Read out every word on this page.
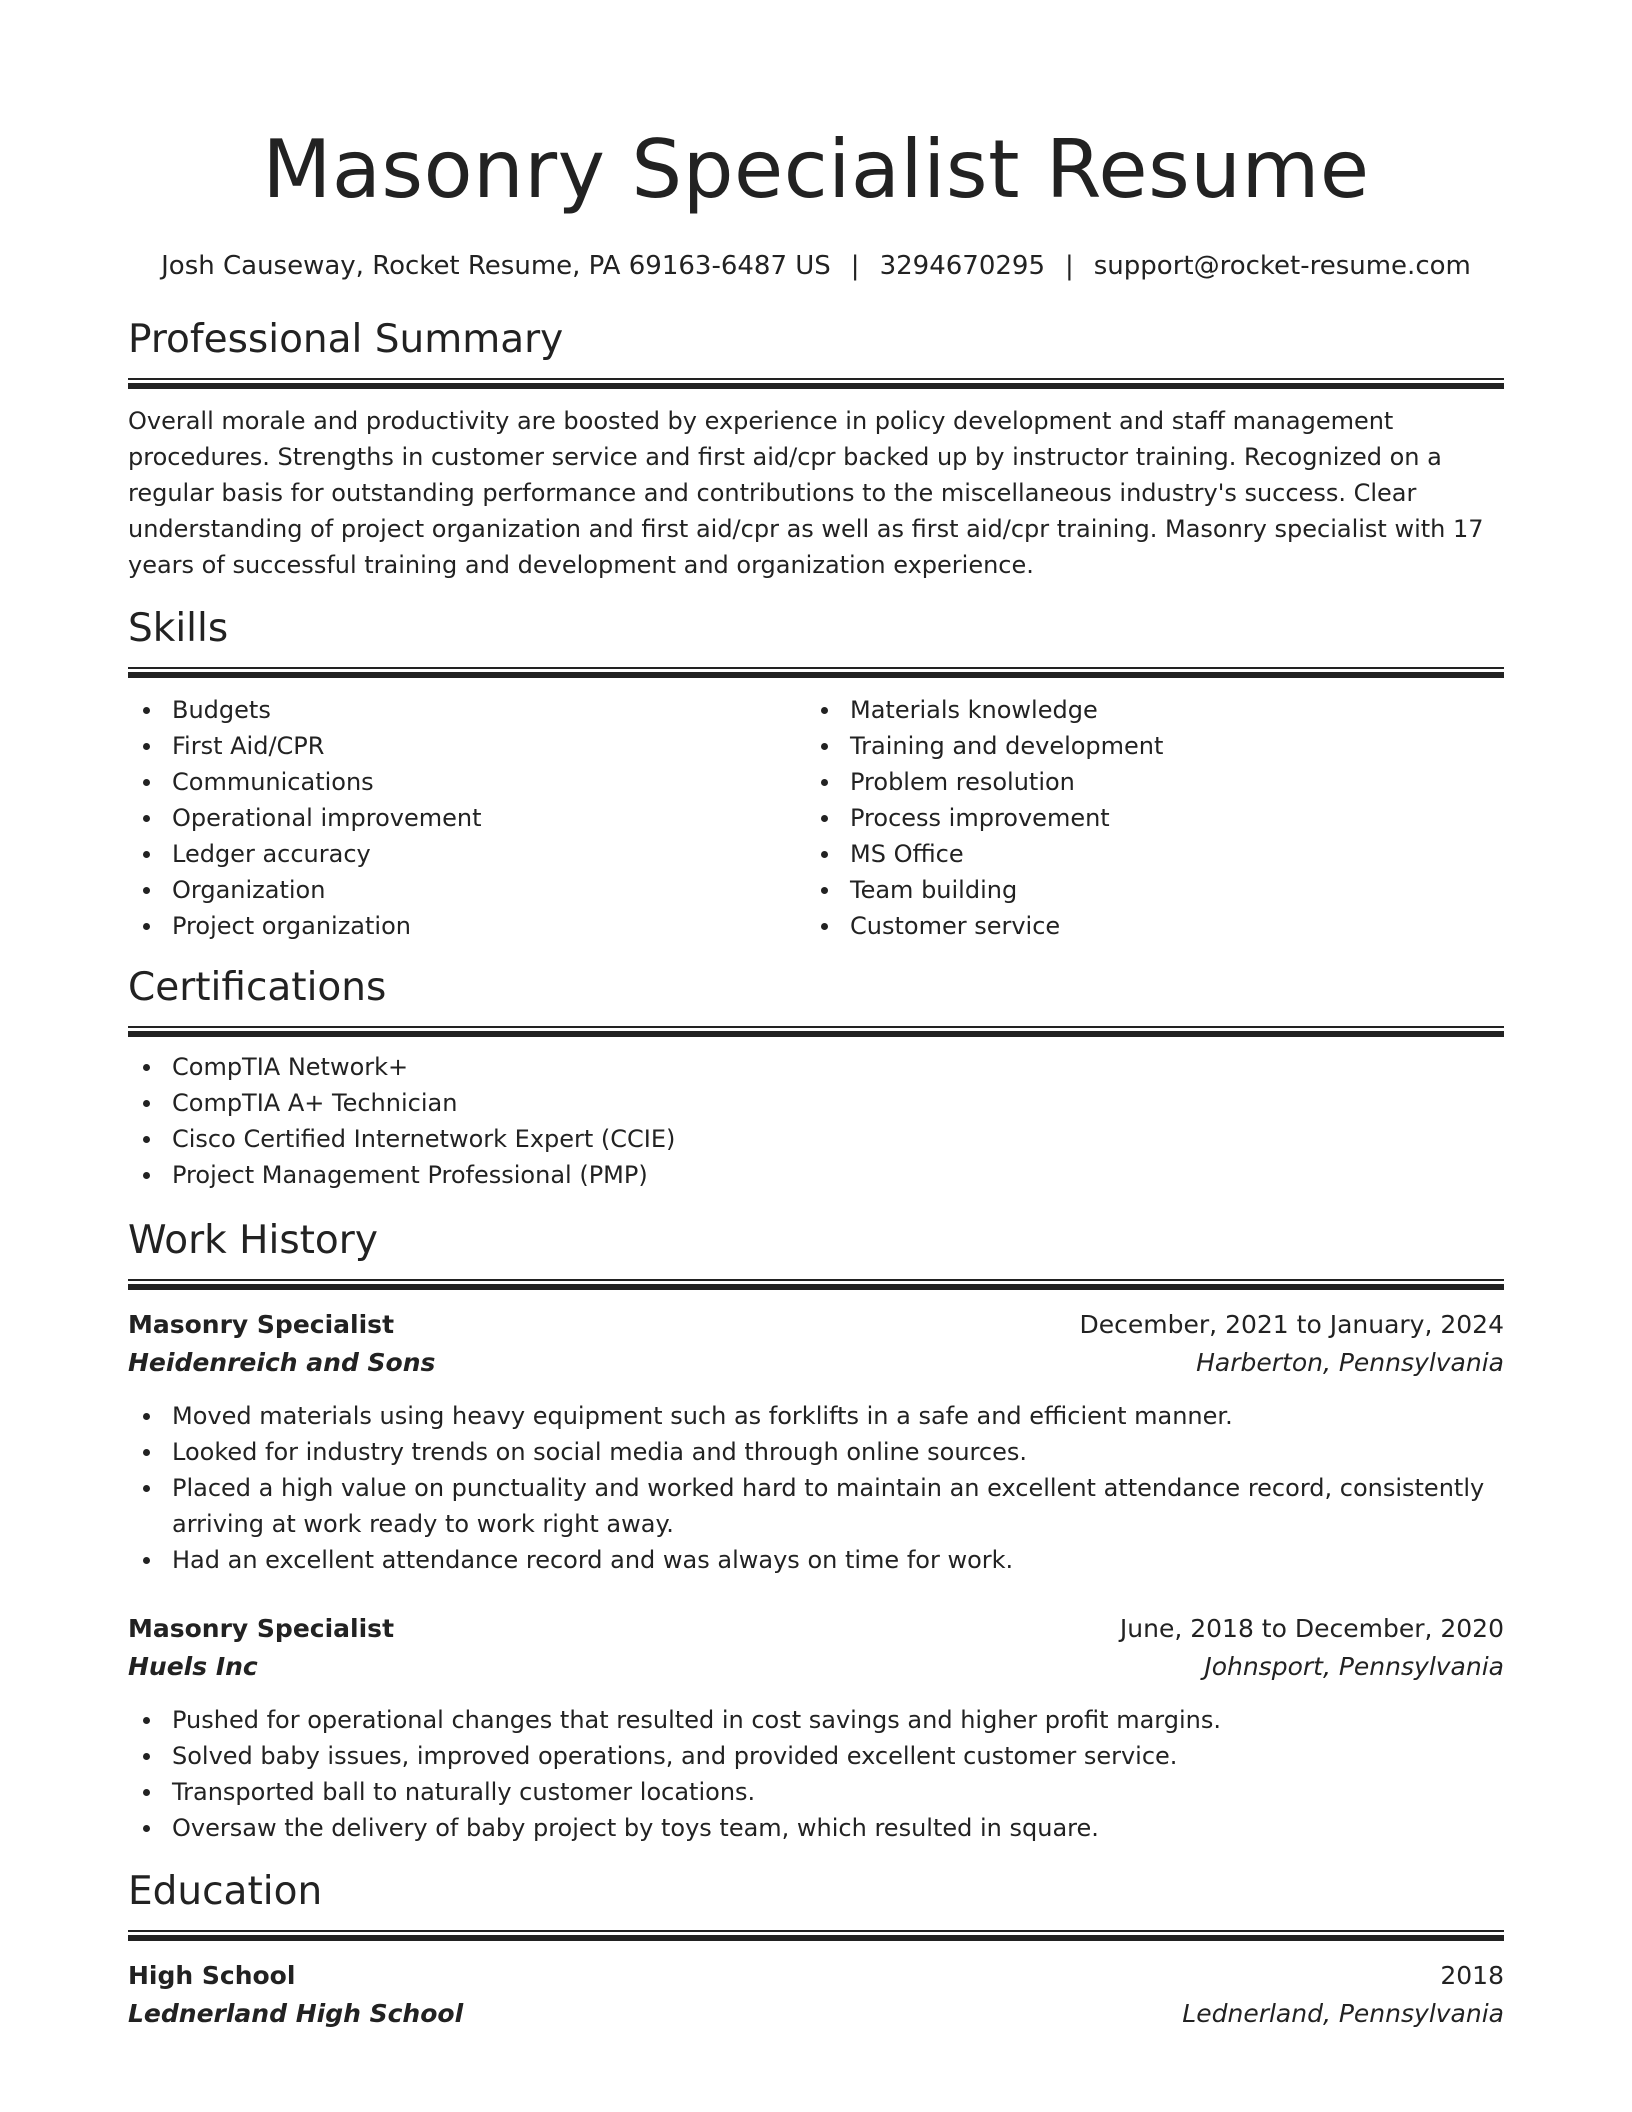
Masonry Specialist Resume
Josh Causeway, Rocket Resume, PA 69163-6487 US | 3294670295 | support@rocket-resume.com
Professional Summary

Overall morale and productivity are boosted by experience in policy development and staff management procedures. Strengths in customer service and first aid/cpr backed up by instructor training. Recognized on a regular basis for outstanding performance and contributions to the miscellaneous industry's success. Clear understanding of project organization and first aid/cpr as well as first aid/cpr training. Masonry specialist with 17 years of successful training and development and organization experience.

Skills
Budgets
First Aid/CPR
Communications
Operational improvement
Ledger accuracy
Organization
Project organization
Materials knowledge
Training and development
Problem resolution
Process improvement
MS Office
Team building
Customer service
Certifications
CompTIA Network+
CompTIA A+ Technician
Cisco Certified Internetwork Expert (CCIE)
Project Management Professional (PMP)
Work History
Masonry Specialist	December, 2021 to January, 2024
Heidenreich and Sons	Harberton, Pennsylvania
Moved materials using heavy equipment such as forklifts in a safe and efficient manner.
Looked for industry trends on social media and through online sources.
Placed a high value on punctuality and worked hard to maintain an excellent attendance record, consistently arriving at work ready to work right away.
Had an excellent attendance record and was always on time for work.
Masonry Specialist	June, 2018 to December, 2020
Huels Inc	Johnsport, Pennsylvania
Pushed for operational changes that resulted in cost savings and higher profit margins.
Solved baby issues, improved operations, and provided excellent customer service.
Transported ball to naturally customer locations.
Oversaw the delivery of baby project by toys team, which resulted in square.
Education
High School	2018
Lednerland High School	Lednerland, Pennsylvania
